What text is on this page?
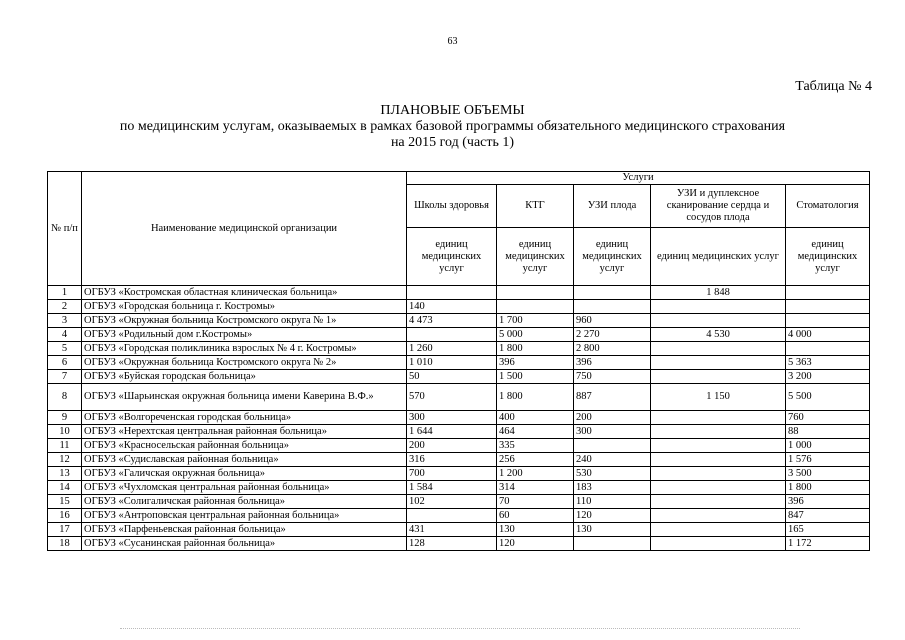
63
Таблица № 4
ПЛАНОВЫЕ ОБЪЕМЫ
по медицинским услугам, оказываемых в рамках базовой программы обязательного медицинского страхования
на 2015 год (часть 1)
№ п/п	Наименование медицинской организации	Услуги				
		Школы здоровья	КТГ	УЗИ плода	УЗИ и дуплексное сканирование сердца и сосудов плода	Стоматология
		единиц медицинских услуг	единиц медицинских услуг	единиц медицинских услуг	единиц медицинских услуг	единиц медицинских услуг
1	ОГБУЗ «Костромская областная клиническая больница»				1 848	
2	ОГБУЗ «Городская больница г. Костромы»	140				
3	ОГБУЗ «Окружная больница Костромского округа № 1»	4 473	1 700	960		
4	ОГБУЗ «Родильный дом г.Костромы»		5 000	2 270	4 530	4 000
5	ОГБУЗ «Городская поликлиника взрослых № 4 г. Костромы»	1 260	1 800	2 800		
6	ОГБУЗ «Окружная больница Костромского округа № 2»	1 010	396	396		5 363
7	ОГБУЗ «Буйская городская больница»	50	1 500	750		3 200
8	ОГБУЗ «Шарьинская окружная больница имени Каверина В.Ф.»	570	1 800	887	1 150	5 500
9	ОГБУЗ «Волгореченская городская больница»	300	400	200		760
10	ОГБУЗ «Нерехтская центральная районная больница»	1 644	464	300		88
11	ОГБУЗ «Красносельская районная больница»	200	335			1 000
12	ОГБУЗ «Судиславская районная больница»	316	256	240		1 576
13	ОГБУЗ «Галичская окружная больница»	700	1 200	530		3 500
14	ОГБУЗ «Чухломская центральная районная больница»	1 584	314	183		1 800
15	ОГБУЗ «Солигаличская районная больница»	102	70	110		396
16	ОГБУЗ «Антроповская центральная районная больница»		60	120		847
17	ОГБУЗ «Парфеньевская районная больница»	431	130	130		165
18	ОГБУЗ «Сусанинская районная больница»	128	120			1 172
